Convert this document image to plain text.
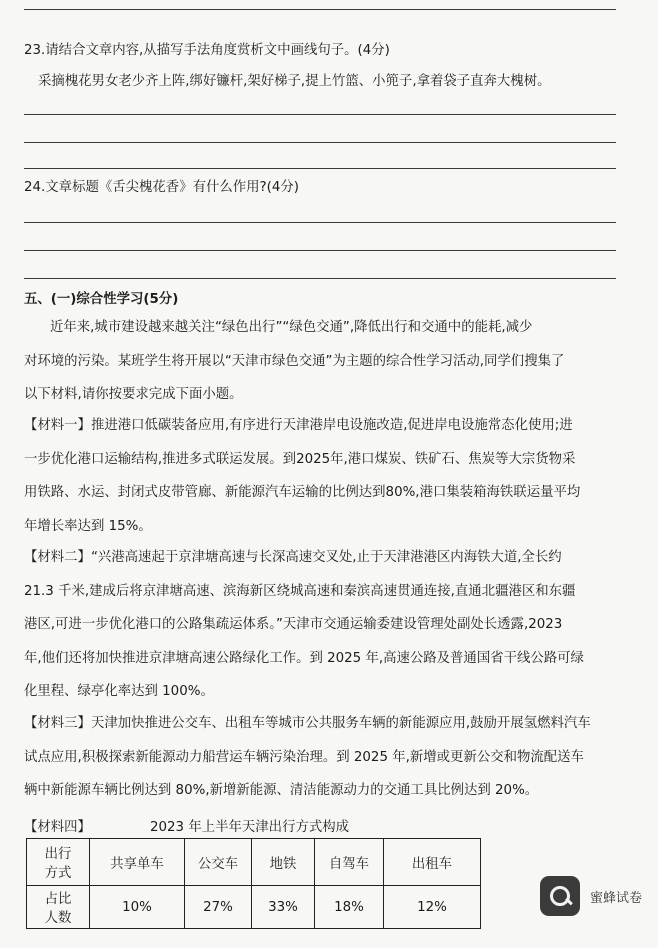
23.请结合文章内容,从描写手法角度赏析文中画线句子。(4分)
采摘槐花男女老少齐上阵,绑好镰杆,架好梯子,提上竹篮、小篼子,拿着袋子直奔大槐树。
24.文章标题《舌尖槐花香》有什么作用?(4分)
五、(一)综合性学习(5分)
近年来,城市建设越来越关注“绿色出行”“绿色交通”,降低出行和交通中的能耗,减少
对环境的污染。某班学生将开展以“天津市绿色交通”为主题的综合性学习活动,同学们搜集了
以下材料,请你按要求完成下面小题。
【材料一】推进港口低碳装备应用,有序进行天津港岸电设施改造,促进岸电设施常态化使用;进
一步优化港口运输结构,推进多式联运发展。到2025年,港口煤炭、铁矿石、焦炭等大宗货物采
用铁路、水运、封闭式皮带管廊、新能源汽车运输的比例达到80%,港口集装箱海铁联运量平均
年增长率达到 15%。
【材料二】“兴港高速起于京津塘高速与长深高速交叉处,止于天津港港区内海铁大道,全长约
21.3 千米,建成后将京津塘高速、滨海新区绕城高速和秦滨高速贯通连接,直通北疆港区和东疆
港区,可进一步优化港口的公路集疏运体系。”天津市交通运输委建设管理处副处长透露,2023
年,他们还将加快推进京津塘高速公路绿化工作。到 2025 年,高速公路及普通国省干线公路可绿
化里程、绿亭化率达到 100%。
【材料三】天津加快推进公交车、出租车等城市公共服务车辆的新能源应用,鼓励开展氢燃料汽车
试点应用,积极探索新能源动力船营运车辆污染治理。到 2025 年,新增或更新公交和物流配送车
辆中新能源车辆比例达到 80%,新增新能源、清洁能源动力的交通工具比例达到 20%。
【材料四】	2023 年上半年天津出行方式构成
出行
方式	共享单车	公交车	地铁	自驾车	出租车

占比
人数	10%	27%	33%	18%	12%
蜜蜂试卷
